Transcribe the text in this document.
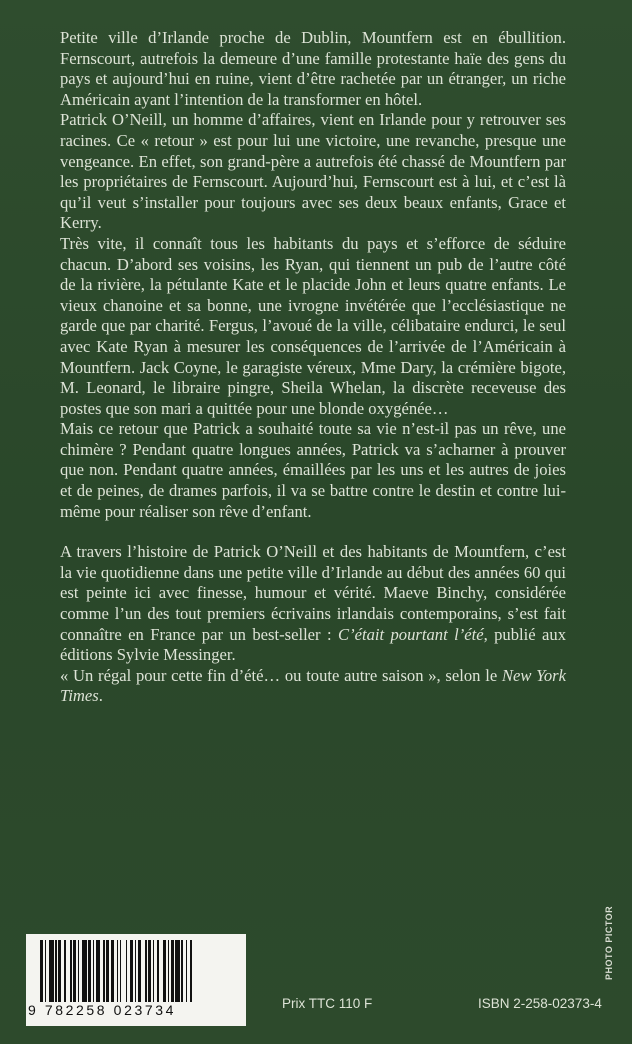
Petite ville d’Irlande proche de Dublin, Mountfern est en ébullition. Fernscourt, autrefois la demeure d’une famille protestante haïe des gens du pays et aujourd’hui en ruine, vient d’être rachetée par un étranger, un riche Américain ayant l’intention de la transformer en hôtel.

Patrick O’Neill, un homme d’affaires, vient en Irlande pour y retrouver ses racines. Ce « retour » est pour lui une victoire, une revanche, presque une vengeance. En effet, son grand-père a autrefois été chassé de Mountfern par les propriétaires de Fernscourt. Aujourd’hui, Fernscourt est à lui, et c’est là qu’il veut s’installer pour toujours avec ses deux beaux enfants, Grace et Kerry.

Très vite, il connaît tous les habitants du pays et s’efforce de séduire chacun. D’abord ses voisins, les Ryan, qui tiennent un pub de l’autre côté de la rivière, la pétulante Kate et le placide John et leurs quatre enfants. Le vieux chanoine et sa bonne, une ivrogne invétérée que l’ecclésiastique ne garde que par charité. Fergus, l’avoué de la ville, célibataire endurci, le seul avec Kate Ryan à mesurer les conséquences de l’arrivée de l’Américain à Mountfern. Jack Coyne, le garagiste véreux, Mme Dary, la crémière bigote, M. Leonard, le libraire pingre, Sheila Whelan, la discrète receveuse des postes que son mari a quittée pour une blonde oxygénée…

Mais ce retour que Patrick a souhaité toute sa vie n’est-il pas un rêve, une chimère ? Pendant quatre longues années, Patrick va s’acharner à prouver que non. Pendant quatre années, émaillées par les uns et les autres de joies et de peines, de drames parfois, il va se battre contre le destin et contre lui-même pour réaliser son rêve d’enfant.

A travers l’histoire de Patrick O’Neill et des habitants de Mountfern, c’est la vie quotidienne dans une petite ville d’Irlande au début des années 60 qui est peinte ici avec finesse, humour et vérité. Maeve Binchy, considérée comme l’un des tout premiers écrivains irlandais contemporains, s’est fait connaître en France par un best-seller : C’était pourtant l’été, publié aux éditions Sylvie Messinger.

« Un régal pour cette fin d’été… ou toute autre saison », selon le New York Times.

PHOTO PICTOR
9 782258 023734	Prix TTC 110 F	ISBN 2-258-02373-4
